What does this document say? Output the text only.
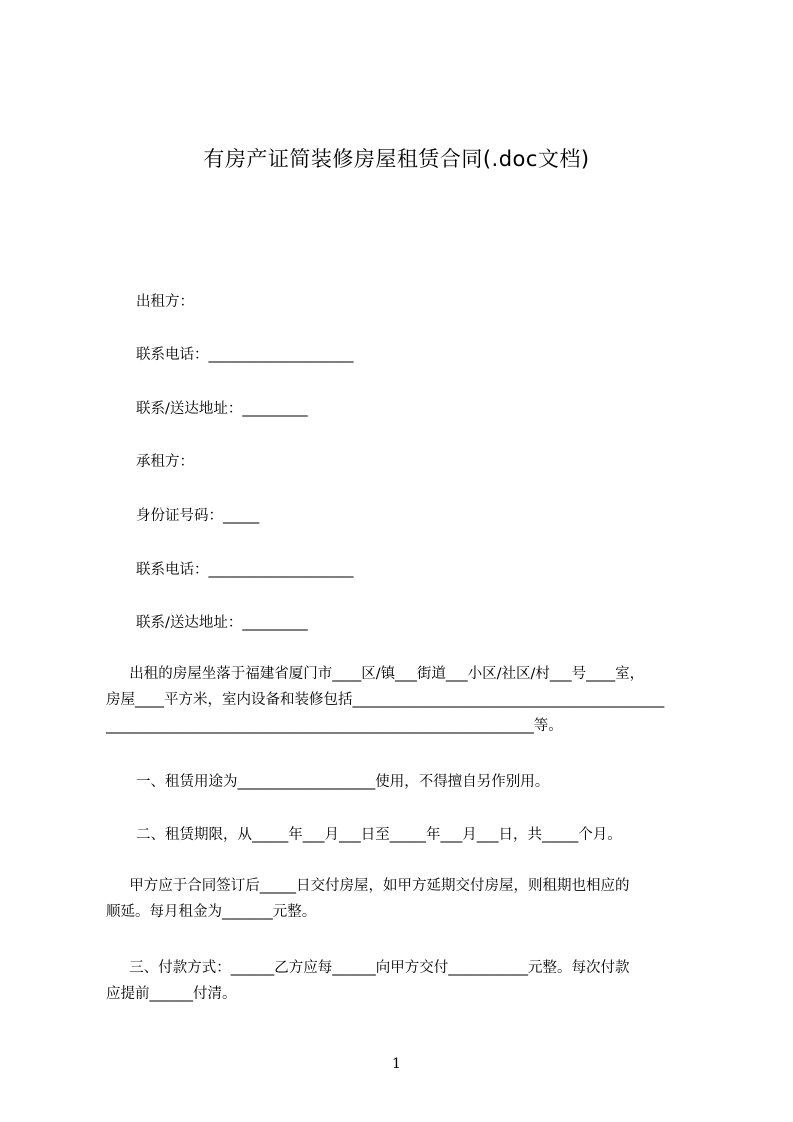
有房产证简装修房屋租赁合同(.doc文档)
出租方：
联系电话：____________________
联系/送达地址：_________
承租方：
身份证号码：_____
联系电话：____________________
联系/送达地址：_________
出租的房屋坐落于福建省厦门市____区/镇___街道___小区/社区/村___号____室，
房屋____平方米，室内设备和装修包括___________________________________________
___________________________________________________________等。
一、租赁用途为___________________使用，不得擅自另作别用。
二、租赁期限，从_____年___月___日至_____年___月___日，共_____个月。
甲方应于合同签订后_____日交付房屋，如甲方延期交付房屋，则租期也相应的
顺延。每月租金为_______元整。
三、付款方式：______乙方应每______向甲方交付___________元整。每次付款
应提前______付清。
1
